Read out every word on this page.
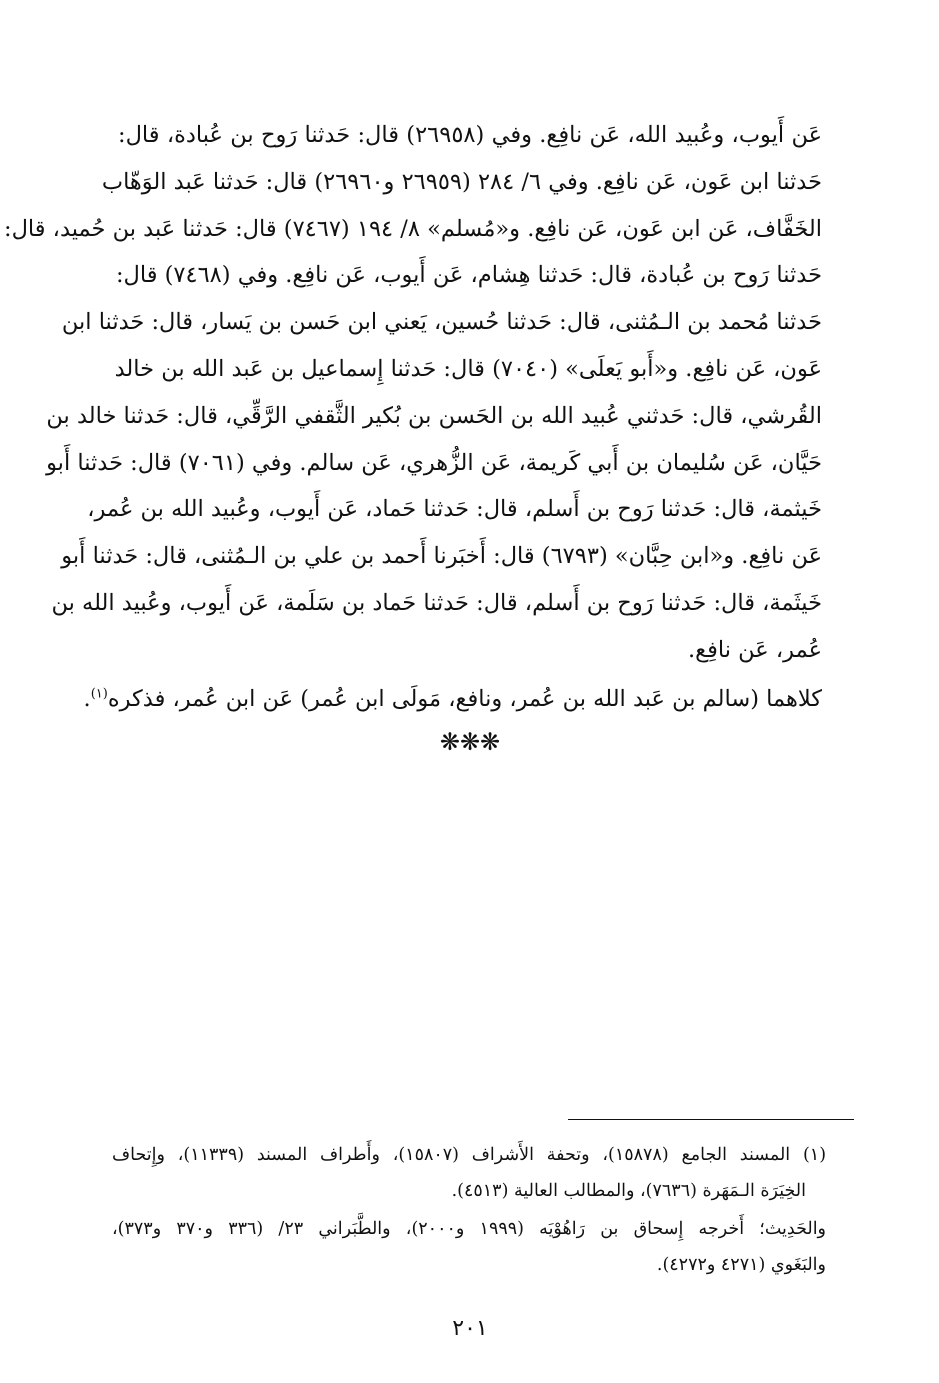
عَن أَيوب، وعُبيد الله، عَن نافِع. وفي (٢٦٩٥٨) قال: حَدثنا رَوح بن عُبادة، قال:
حَدثنا ابن عَون، عَن نافِع. وفي ٦/ ٢٨٤ (٢٦٩٥٩ و٢٦٩٦٠) قال: حَدثنا عَبد الوَهّاب
الخَفَّاف، عَن ابن عَون، عَن نافِع. و«مُسلم» ٨/ ١٩٤ (٧٤٦٧) قال: حَدثنا عَبد بن حُميد، قال:
حَدثنا رَوح بن عُبادة، قال: حَدثنا هِشام، عَن أَيوب، عَن نافِع. وفي (٧٤٦٨) قال:
حَدثنا مُحمد بن الـمُثنى، قال: حَدثنا حُسين، يَعني ابن حَسن بن يَسار، قال: حَدثنا ابن
عَون، عَن نافِع. و«أَبو يَعلَى» (٧٠٤٠) قال: حَدثنا إِسماعيل بن عَبد الله بن خالد
القُرشي، قال: حَدثني عُبيد الله بن الحَسن بن بُكير الثَّقفي الرَّقِّي، قال: حَدثنا خالد بن
حَيَّان، عَن سُليمان بن أَبي كَريمة، عَن الزُّهري، عَن سالم. وفي (٧٠٦١) قال: حَدثنا أَبو
خَيثمة، قال: حَدثنا رَوح بن أَسلم، قال: حَدثنا حَماد، عَن أَيوب، وعُبيد الله بن عُمر،
عَن نافِع. و«ابن حِبَّان» (٦٧٩٣) قال: أَخبَرنا أَحمد بن علي بن الـمُثنى، قال: حَدثنا أَبو
خَيثَمة، قال: حَدثنا رَوح بن أَسلم، قال: حَدثنا حَماد بن سَلَمة، عَن أَيوب، وعُبيد الله بن
عُمر، عَن نافِع.
كلاهما (سالم بن عَبد الله بن عُمر، ونافع، مَولَى ابن عُمر) عَن ابن عُمر، فذكره$^{(١)}$.
❋❋❋
(١) المسند الجامع (١٥٨٧٨)، وتحفة الأَشراف (١٥٨٠٧)، وأَطراف المسند (١١٣٣٩)، وإِتحاف
الخِيَرَة الـمَهَرة (٧٦٣٦)، والمطالب العالية (٤٥١٣).
والحَدِيث؛ أَخرجه إِسحاق بن رَاهُوْيَه (١٩٩٩ و٢٠٠٠)، والطَّبَراني ٢٣/ (٣٣٦ و٣٧٠ و٣٧٣)،
والبَغَوي (٤٢٧١ و٤٢٧٢).
٢٠١
